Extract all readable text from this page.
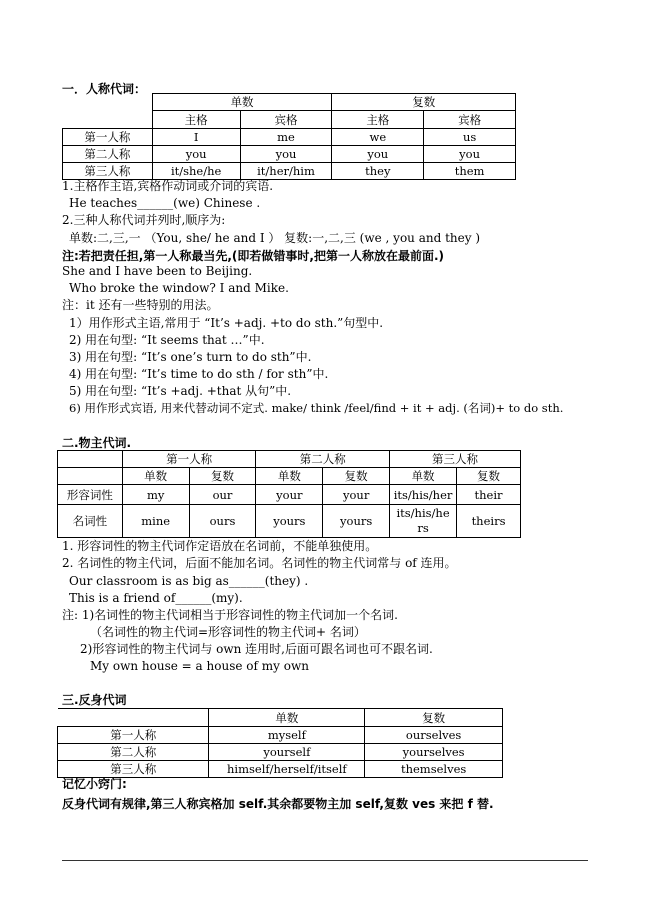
一．人称代词：
	单数		复数	
	主格	宾格	主格	宾格
第一人称	I	me	we	us
第二人称	you	you	you	you
第三人称	it/she/he	it/her/him	they	them
1.主格作主语,宾格作动词或介词的宾语.
He teaches______(we) Chinese .
2.三种人称代词并列时,顺序为:
单数:二,三,一 （You, she/ he and I ） 复数:一,二,三 (we , you and they )
注:若把责任担,第一人称最当先,(即若做错事时,把第一人称放在最前面.)
She and I have been to Beijing.
Who broke the window? I and Mike.
注：it 还有一些特别的用法。
1）用作形式主语,常用于 “It’s +adj. +to do sth.”句型中.
2) 用在句型: “It seems that …”中.
3) 用在句型: “It’s one’s turn to do sth”中.
4) 用在句型: “It’s time to do sth / for sth”中.
5) 用在句型: “It’s +adj. +that 从句”中.
6) 用作形式宾语, 用来代替动词不定式. make/ think /feel/find + it + adj. (名词)+ to do sth.
二.物主代词.
	第一人称		第二人称		第三人称	
	单数	复数	单数	复数	单数	复数
形容词性	my	our	your	your	its/his/her	their
名词性	mine	ours	yours	yours	its/his/hers	theirs
1. 形容词性的物主代词作定语放在名词前，不能单独使用。
2. 名词性的物主代词，后面不能加名词。名词性的物主代词常与 of 连用。
Our classroom is as big as______(they) .
This is a friend of______(my).
注: 1)名词性的物主代词相当于形容词性的物主代词加一个名词.
（名词性的物主代词=形容词性的物主代词+ 名词）
2)形容词性的物主代词与 own 连用时,后面可跟名词也可不跟名词.
My own house = a house of my own
三.反身代词
	单数	复数
第一人称	myself	ourselves
第二人称	yourself	yourselves
第三人称	himself/herself/itself	themselves
记忆小窍门:
反身代词有规律,第三人称宾格加 self.其余都要物主加 self,复数 ves 来把 f 替.
